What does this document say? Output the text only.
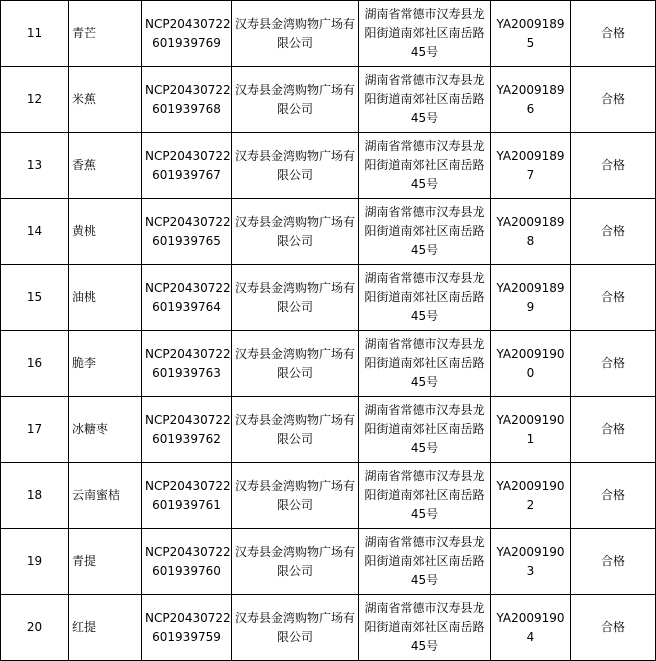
11	青芒	NCP20430722
601939769	汉寿县金湾购物广场有
限公司	湖南省常德市汉寿县龙
阳街道南郊社区南岳路
45号	YA20091895	合格
12	米蕉	NCP20430722
601939768	汉寿县金湾购物广场有
限公司	湖南省常德市汉寿县龙
阳街道南郊社区南岳路
45号	YA20091896	合格
13	香蕉	NCP20430722
601939767	汉寿县金湾购物广场有
限公司	湖南省常德市汉寿县龙
阳街道南郊社区南岳路
45号	YA20091897	合格
14	黄桃	NCP20430722
601939765	汉寿县金湾购物广场有
限公司	湖南省常德市汉寿县龙
阳街道南郊社区南岳路
45号	YA20091898	合格
15	油桃	NCP20430722
601939764	汉寿县金湾购物广场有
限公司	湖南省常德市汉寿县龙
阳街道南郊社区南岳路
45号	YA20091899	合格
16	脆李	NCP20430722
601939763	汉寿县金湾购物广场有
限公司	湖南省常德市汉寿县龙
阳街道南郊社区南岳路
45号	YA20091900	合格
17	冰糖枣	NCP20430722
601939762	汉寿县金湾购物广场有
限公司	湖南省常德市汉寿县龙
阳街道南郊社区南岳路
45号	YA20091901	合格
18	云南蜜桔	NCP20430722
601939761	汉寿县金湾购物广场有
限公司	湖南省常德市汉寿县龙
阳街道南郊社区南岳路
45号	YA20091902	合格
19	青提	NCP20430722
601939760	汉寿县金湾购物广场有
限公司	湖南省常德市汉寿县龙
阳街道南郊社区南岳路
45号	YA20091903	合格
20	红提	NCP20430722
601939759	汉寿县金湾购物广场有
限公司	湖南省常德市汉寿县龙
阳街道南郊社区南岳路
45号	YA20091904	合格
